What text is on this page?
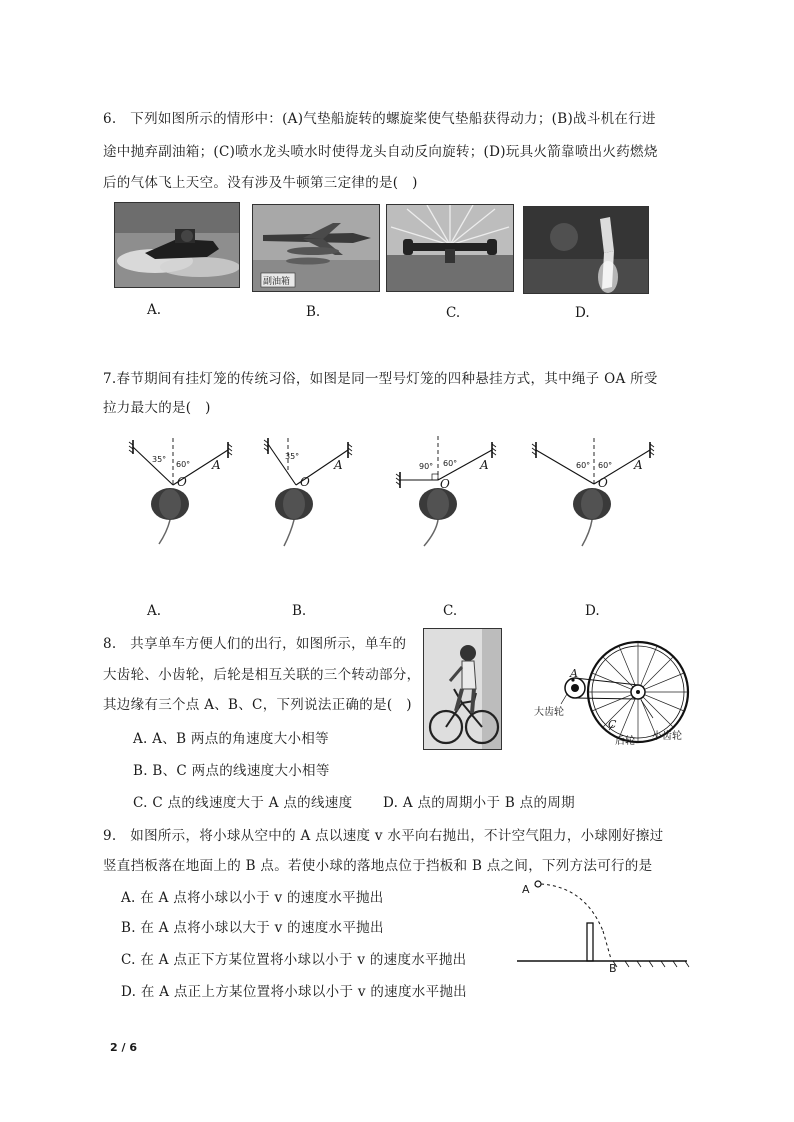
6.　下列如图所示的情形中：(A)气垫船旋转的螺旋桨使气垫船获得动力；(B)战斗机在行进
途中抛弃副油箱；(C)喷水龙头喷水时使得龙头自动反向旋转；(D)玩具火箭靠喷出火药燃烧
后的气体飞上天空。没有涉及牛顿第三定律的是(　)
副油箱
A.	B.	C.	D.
7.春节期间有挂灯笼的传统习俗，如图是同一型号灯笼的四种悬挂方式，其中绳子 OA 所受
拉力最大的是(　)
35°
60°
O
A
35°
O
A	90° 60°
O
A	60° 60°
O
A
A.	B.	C.	D.
8.　共享单车方便人们的出行，如图所示，单车的
大齿轮、小齿轮，后轮是相互关联的三个转动部分，
其边缘有三个点 A、B、C，下列说法正确的是(　)
A. A、B 两点的角速度大小相等
B. B、C 两点的线速度大小相等
C. C 点的线速度大于 A 点的线速度 D. A 点的周期小于 B 点的周期
A
C
大齿轮
后轮 小齿轮
9.　如图所示，将小球从空中的 A 点以速度 v 水平向右抛出，不计空气阻力，小球刚好擦过
竖直挡板落在地面上的 B 点。若使小球的落地点位于挡板和 B 点之间，下列方法可行的是
A. 在 A 点将小球以小于 v 的速度水平抛出
B. 在 A 点将小球以大于 v 的速度水平抛出
C. 在 A 点正下方某位置将小球以小于 v 的速度水平抛出
D. 在 A 点正上方某位置将小球以小于 v 的速度水平抛出
A
B
2 / 6
